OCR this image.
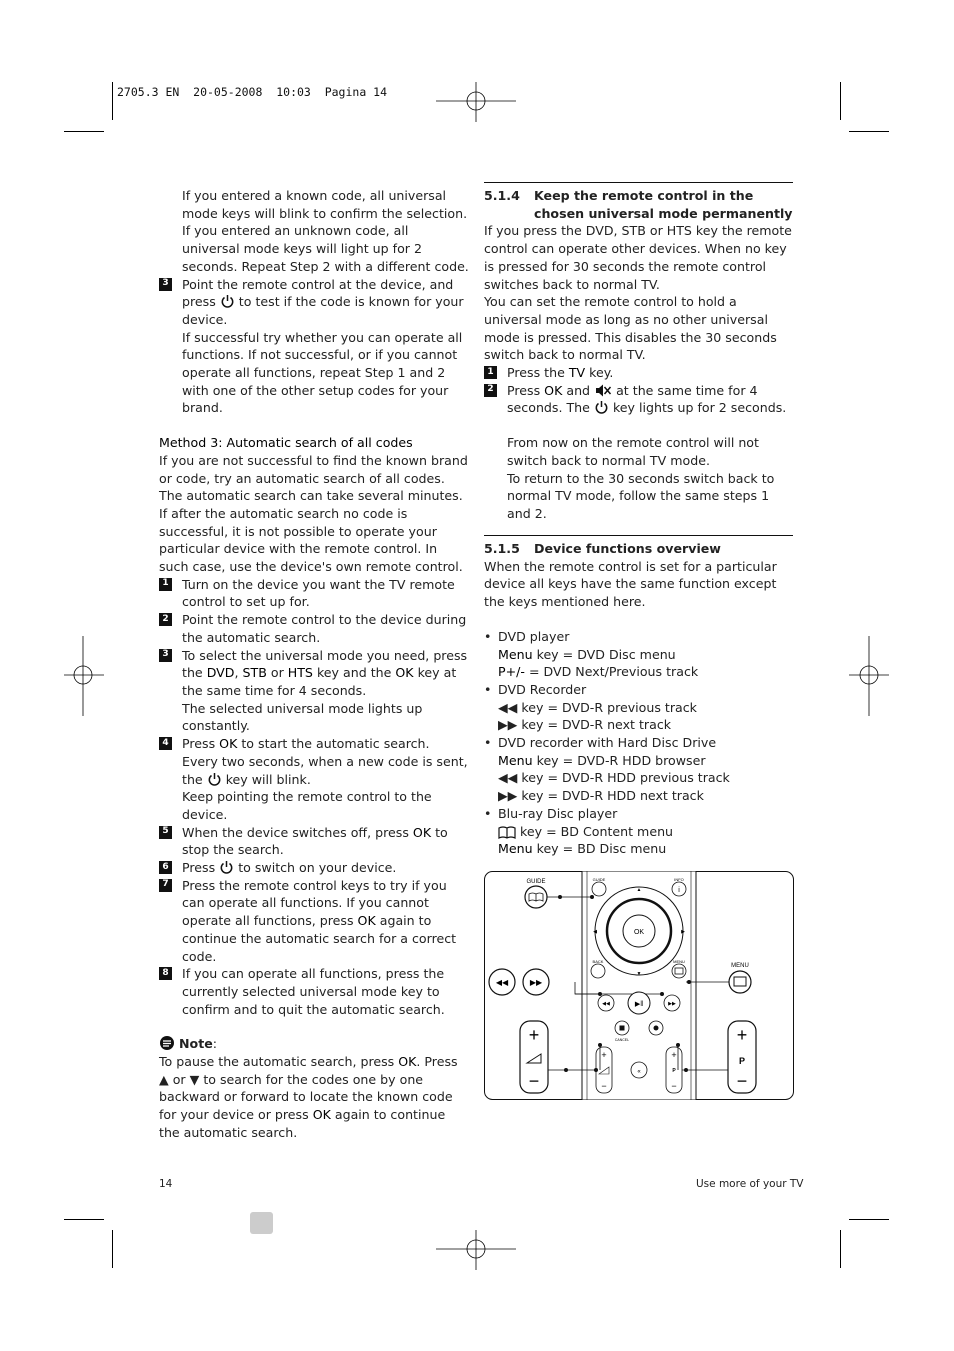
2705.3 EN  20-05-2008  10:03  Pagina 14

If you entered a known code, all universal mode keys will blink to confirm the selection. If you entered an unknown code, all universal mode keys will light up for 2 seconds. Repeat Step 2 with a different code.

3 Point the remote control at the device, and press to test if the code is known for your device.

If successful try whether you can operate all functions. If not successful, or if you cannot operate all functions, repeat Step 1 and 2 with one of the other setup codes for your brand.

Method 3: Automatic search of all codes

If you are not successful to find the known brand or code, try an automatic search of all codes. The automatic search can take several minutes.

If after the automatic search no code is successful, it is not possible to operate your particular device with the remote control. In such case, use the device's own remote control.

1 Turn on the device you want the TV remote control to set up for.
2 Point the remote control to the device during the automatic search.
3 To select the universal mode you need, press the DVD, STB or HTS key and the OK key at the same time for 4 seconds.

The selected universal mode lights up constantly.

4 Press OK to start the automatic search.

Every two seconds, when a new code is sent, the key will blink.

Keep pointing the remote control to the device.

5 When the device switches off, press OK to stop the search.
6 Press to switch on your device.
7 Press the remote control keys to try if you can operate all functions. If you cannot operate all functions, press OK again to continue the automatic search for a correct code.
8 If you can operate all functions, press the currently selected universal mode key to confirm and to quit the automatic search.

Note:

To pause the automatic search, press OK. Press ▲ or ▼ to search for the codes one by one backward or forward to locate the known code for your device or press OK again to continue the automatic search.

5.1.4	Keep the remote control in the chosen universal mode permanently

If you press the DVD, STB or HTS key the remote control can operate other devices. When no key is pressed for 30 seconds the remote control switches back to normal TV.

You can set the remote control to hold a universal mode as long as no other universal mode is pressed. This disables the 30 seconds switch back to normal TV.

1 Press the TV key.
2 Press OK and at the same time for 4 seconds. The key lights up for 2 seconds.

From now on the remote control will not switch back to normal TV mode.

To return to the 30 seconds switch back to normal TV mode, follow the same steps 1 and 2.

5.1.5	Device functions overview

When the remote control is set for a particular device all keys have the same function except the keys mentioned here.

• DVD player
Menu key = DVD Disc menu
P+/- = DVD Next/Previous track
• DVD Recorder
◀◀ key = DVD-R previous track
▶▶ key = DVD-R next track
• DVD recorder with Hard Disc Drive
Menu key = DVD-R HDD browser
◀◀ key = DVD-R HDD previous track
▶▶ key = DVD-R HDD next track
• Blu-ray Disc player
key = BD Content menu
Menu key = BD Disc menu
GUIDE	GUIDE	INFO
i
OK
▲
▼
◀	▶
BACK	MENU
MENU
◀◀	▶▶
◀◀	▶‖	▶▶
CANCEL
«
+
−
+
P
−
+
−
+
P
−
14	Use more of your TV
